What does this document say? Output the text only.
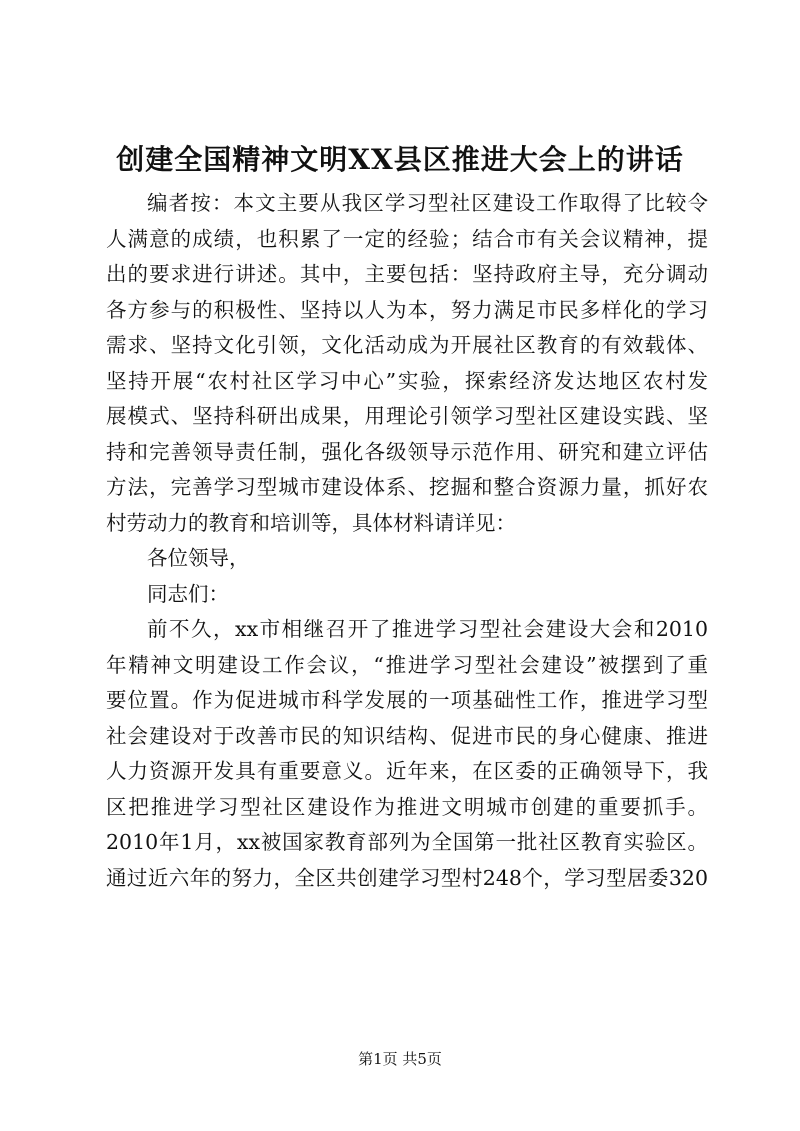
创建全国精神文明XX县区推进大会上的讲话
编者按：本文主要从我区学习型社区建设工作取得了比较令
人满意的成绩，也积累了一定的经验；结合市有关会议精神，提
出的要求进行讲述。其中，主要包括：坚持政府主导，充分调动
各方参与的积极性、坚持以人为本，努力满足市民多样化的学习
需求、坚持文化引领，文化活动成为开展社区教育的有效载体、
坚持开展“农村社区学习中心”实验，探索经济发达地区农村发
展模式、坚持科研出成果，用理论引领学习型社区建设实践、坚
持和完善领导责任制，强化各级领导示范作用、研究和建立评估
方法，完善学习型城市建设体系、挖掘和整合资源力量，抓好农
村劳动力的教育和培训等，具体材料请详见：
各位领导，
同志们：
前不久，xx市相继召开了推进学习型社会建设大会和2010
年精神文明建设工作会议，“推进学习型社会建设”被摆到了重
要位置。作为促进城市科学发展的一项基础性工作，推进学习型
社会建设对于改善市民的知识结构、促进市民的身心健康、推进
人力资源开发具有重要意义。近年来，在区委的正确领导下，我
区把推进学习型社区建设作为推进文明城市创建的重要抓手。
2010年1月，xx被国家教育部列为全国第一批社区教育实验区。
通过近六年的努力，全区共创建学习型村248个，学习型居委320
第1页 共5页
